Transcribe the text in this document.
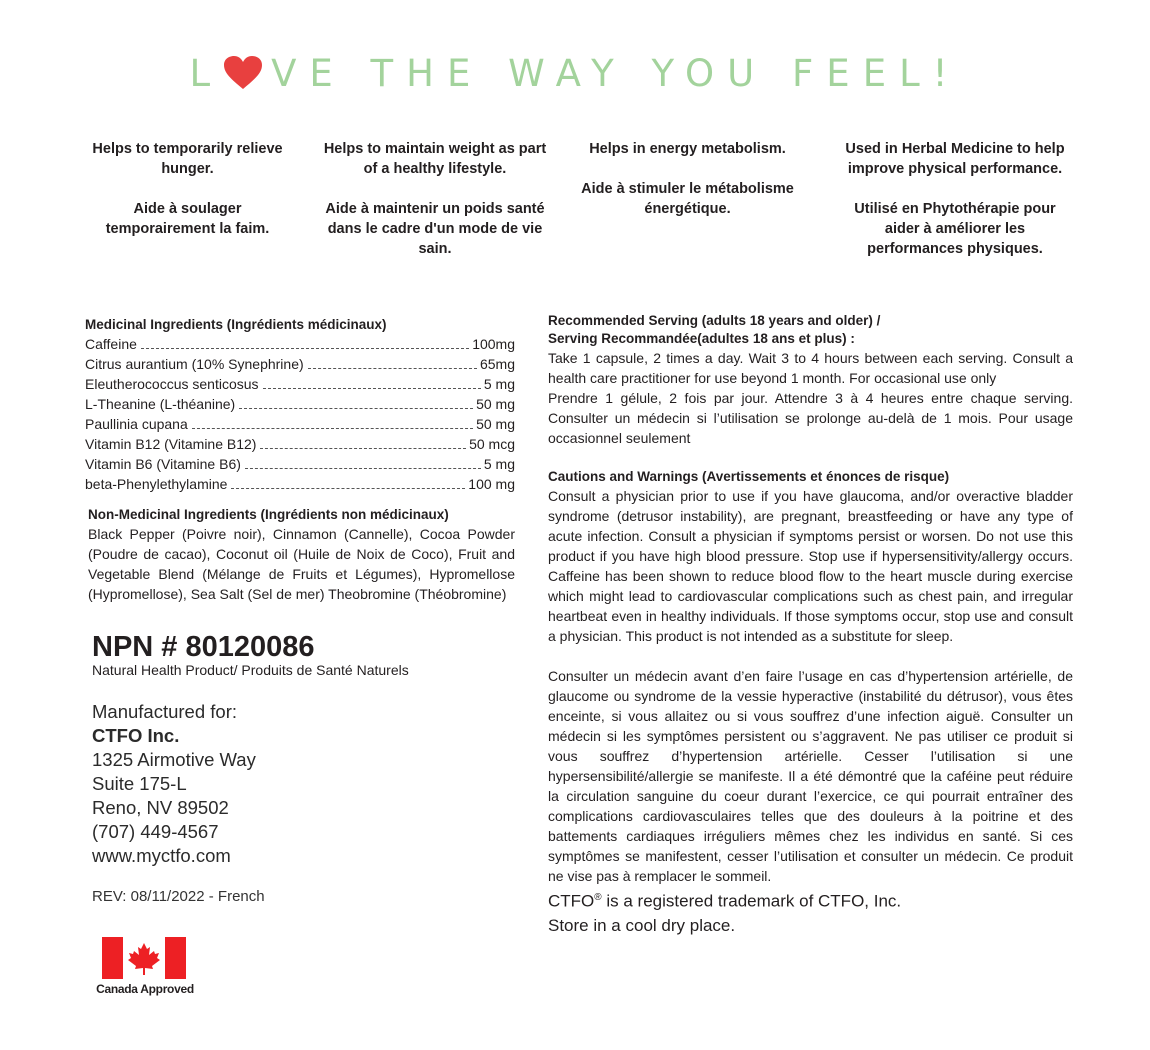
L VE THE WAY YOU FEEL!

Helps to temporarily relieve hunger.

Aide à soulager temporairement la faim.

Helps to maintain weight as part of a healthy lifestyle.

Aide à maintenir un poids santé dans le cadre d'un mode de vie sain.

Helps in energy metabolism.

Aide à stimuler le métabolisme énergétique.

Used in Herbal Medicine to help improve physical performance.

Utilisé en Phytothérapie pour aider à améliorer les performances physiques.

Medicinal Ingredients (Ingrédients médicinaux)

Caffeine	100mg
Citrus aurantium (10% Synephrine)	65mg
Eleutherococcus senticosus	5 mg
L-Theanine (L-théanine)	50 mg
Paullinia cupana	50 mg
Vitamin B12 (Vitamine B12)	50 mcg
Vitamin B6 (Vitamine B6)	5 mg
beta-Phenylethylamine	100 mg

Non-Medicinal Ingredients (Ingrédients non médicinaux)

Black Pepper (Poivre noir), Cinnamon (Cannelle), Cocoa Powder (Poudre de cacao), Coconut oil (Huile de Noix de Coco), Fruit and Vegetable Blend (Mélange de Fruits et Légumes), Hypromellose (Hypromellose), Sea Salt (Sel de mer) Theobromine (Théobromine)

NPN # 80120086
Natural Health Product/ Produits de Santé Naturels
Manufactured for:
CTFO Inc.
1325 Airmotive Way
Suite 175-L
Reno, NV 89502
(707) 449-4567
www.myctfo.com
REV: 08/11/2022 - French
Canada Approved

Recommended Serving (adults 18 years and older) /

Serving Recommandée(adultes 18 ans et plus) :

Take 1 capsule, 2 times a day. Wait 3 to 4 hours between each serving. Consult a health care practitioner for use beyond 1 month. For occasional use only

Prendre 1 gélule, 2 fois par jour. Attendre 3 à 4 heures entre chaque serving. Consulter un médecin si l’utilisation se prolonge au-delà de 1 mois. Pour usage occasionnel seulement

Cautions and Warnings (Avertissements et énonces de risque)

Consult a physician prior to use if you have glaucoma, and/or overactive bladder syndrome (detrusor instability), are pregnant, breastfeeding or have any type of acute infection. Consult a physician if symptoms persist or worsen. Do not use this product if you have high blood pressure. Stop use if hypersensitivity/allergy occurs. Caffeine has been shown to reduce blood flow to the heart muscle during exercise which might lead to cardiovascular complications such as chest pain, and irregular heartbeat even in healthy individuals. If those symptoms occur, stop use and consult a physician. This product is not intended as a substitute for sleep.

Consulter un médecin avant d’en faire l’usage en cas d’hypertension artérielle, de glaucome ou syndrome de la vessie hyperactive (instabilité du détrusor), vous êtes enceinte, si vous allaitez ou si vous souffrez d’une infection aiguë. Consulter un médecin si les symptômes persistent ou s’aggravent. Ne pas utiliser ce produit si vous souffrez d’hypertension artérielle. Cesser l’utilisation si une hypersensibilité/allergie se manifeste. Il a été démontré que la caféine peut réduire la circulation sanguine du coeur durant l’exercice, ce qui pourrait entraîner des complications cardiovasculaires telles que des douleurs à la poitrine et des battements cardiaques irréguliers mêmes chez les individus en santé. Si ces symptômes se manifestent, cesser l’utilisation et consulter un médecin. Ce produit ne vise pas à remplacer le sommeil.

CTFO® is a registered trademark of CTFO, Inc.
Store in a cool dry place.
